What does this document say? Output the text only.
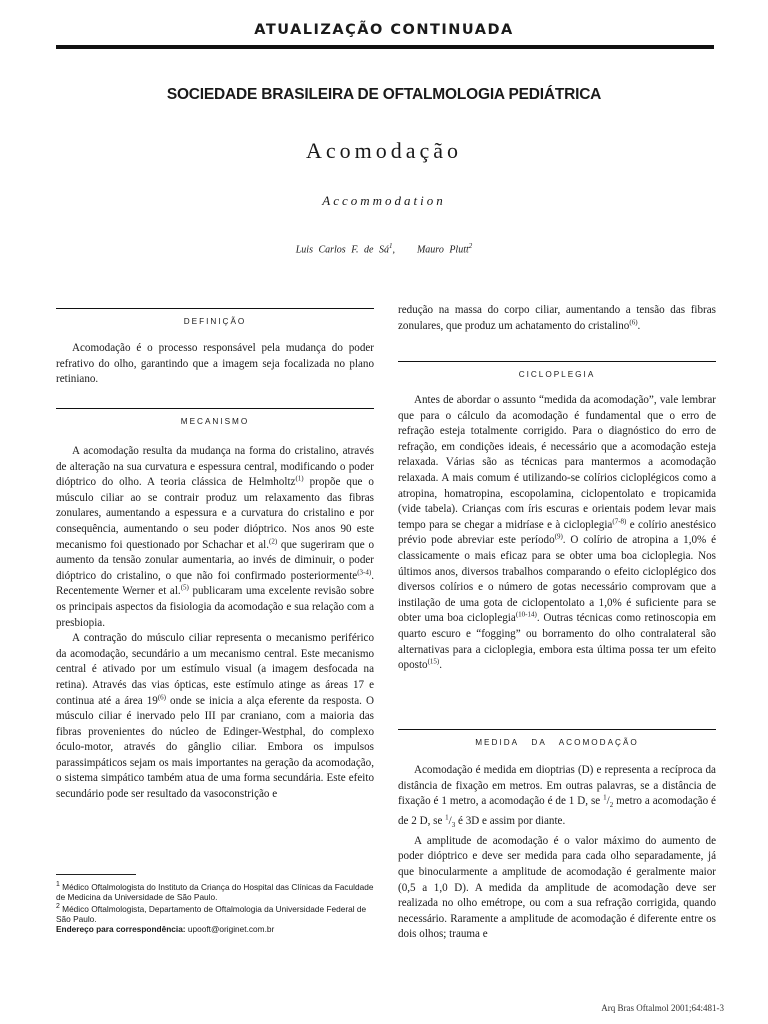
ATUALIZAÇÃO CONTINUADA
SOCIEDADE BRASILEIRA DE OFTALMOLOGIA PEDIÁTRICA
Acomodação
Accommodation
Luis Carlos F. de $Sá^1$,    Mauro Plutt$^2$
DEFINIÇÃO

Acomodação é o processo responsável pela mudança do poder refrativo do olho, garantindo que a imagem seja focalizada no plano retiniano.

MECANISMO

A acomodação resulta da mudança na forma do cristalino, através de alteração na sua curvatura e espessura central, modificando o poder dióptrico do olho. A teoria clássica de Helmholtz$^{(1)}$ propõe que o músculo ciliar ao se contrair produz um relaxamento das fibras zonulares, aumentando a espessura e a curvatura do cristalino e por consequência, aumentando o seu poder dióptrico. Nos anos 90 este mecanismo foi questionado por Schachar et al.$^{(2)}$ que sugeriram que o aumento da tensão zonular aumentaria, ao invés de diminuir, o poder dióptrico do cristalino, o que não foi confirmado posteriormente$^{(3-4)}$. Recentemente Werner et al.$^{(5)}$ publicaram uma excelente revisão sobre os principais aspectos da fisiologia da acomodação e sua relação com a presbiopia.

A contração do músculo ciliar representa o mecanismo periférico da acomodação, secundário a um mecanismo central. Este mecanismo central é ativado por um estímulo visual (a imagem desfocada na retina). Através das vias ópticas, este estímulo atinge as áreas 17 e continua até a área 19$^{(6)}$ onde se inicia a alça eferente da resposta. O músculo ciliar é inervado pelo III par craniano, com a maioria das fibras provenientes do núcleo de Edinger-Westphal, do complexo óculo-motor, através do gânglio ciliar. Embora os impulsos parassimpáticos sejam os mais importantes na geração da acomodação, o sistema simpático também atua de uma forma secundária. Este efeito secundário pode ser resultado da vasoconstrição e

$^1$ Médico Oftalmologista do Instituto da Criança do Hospital das Clínicas da Faculdade de Medicina da Universidade de São Paulo.
$^2$ Médico Oftalmologista, Departamento de Oftalmologia da Universidade Federal de São Paulo.
Endereço para correspondência: upooft@originet.com.br

redução na massa do corpo ciliar, aumentando a tensão das fibras zonulares, que produz um achatamento do cristalino$^{(6)}$.

CICLOPLEGIA

Antes de abordar o assunto “medida da acomodação”, vale lembrar que para o cálculo da acomodação é fundamental que o erro de refração esteja totalmente corrigido. Para o diagnóstico do erro de refração, em condições ideais, é necessário que a acomodação esteja relaxada. Várias são as técnicas para mantermos a acomodação relaxada. A mais comum é utilizando-se colírios cicloplégicos como a atropina, homatropina, escopolamina, ciclopentolato e tropicamida (vide tabela). Crianças com íris escuras e orientais podem levar mais tempo para se chegar a midríase e à cicloplegia$^{(7-8)}$ e colírio anestésico prévio pode abreviar este período$^{(9)}$. O colírio de atropina a 1,0% é classicamente o mais eficaz para se obter uma boa cicloplegia. Nos últimos anos, diversos trabalhos comparando o efeito cicloplégico dos diversos colírios e o número de gotas necessário comprovam que a instilação de uma gota de ciclopentolato a 1,0% é suficiente para se obter uma boa cicloplegia$^{(10-14)}$. Outras técnicas como retinoscopia em quarto escuro e “fogging” ou borramento do olho contralateral são alternativas para a cicloplegia, embora esta última possa ter um efeito oposto$^{(15)}$.

MEDIDA   DA   ACOMODAÇÃO

Acomodação é medida em dioptrias (D) e representa a recíproca da distância de fixação em metros. Em outras palavras, se a distância de fixação é 1 metro, a acomodação é de 1 D, se $^1/_2$ metro a acomodação é de 2 D, se $^1/_3$ é 3D e assim por diante.

A amplitude de acomodação é o valor máximo do aumento de poder dióptrico e deve ser medida para cada olho separadamente, já que binocularmente a amplitude de acomodação é geralmente maior (0,5 a 1,0 D). A medida da amplitude de acomodação deve ser realizada no olho emétrope, ou com a sua refração corrigida, quando necessário. Raramente a amplitude de acomodação é diferente entre os dois olhos; trauma e

Arq Bras Oftalmol 2001;64:481-3
